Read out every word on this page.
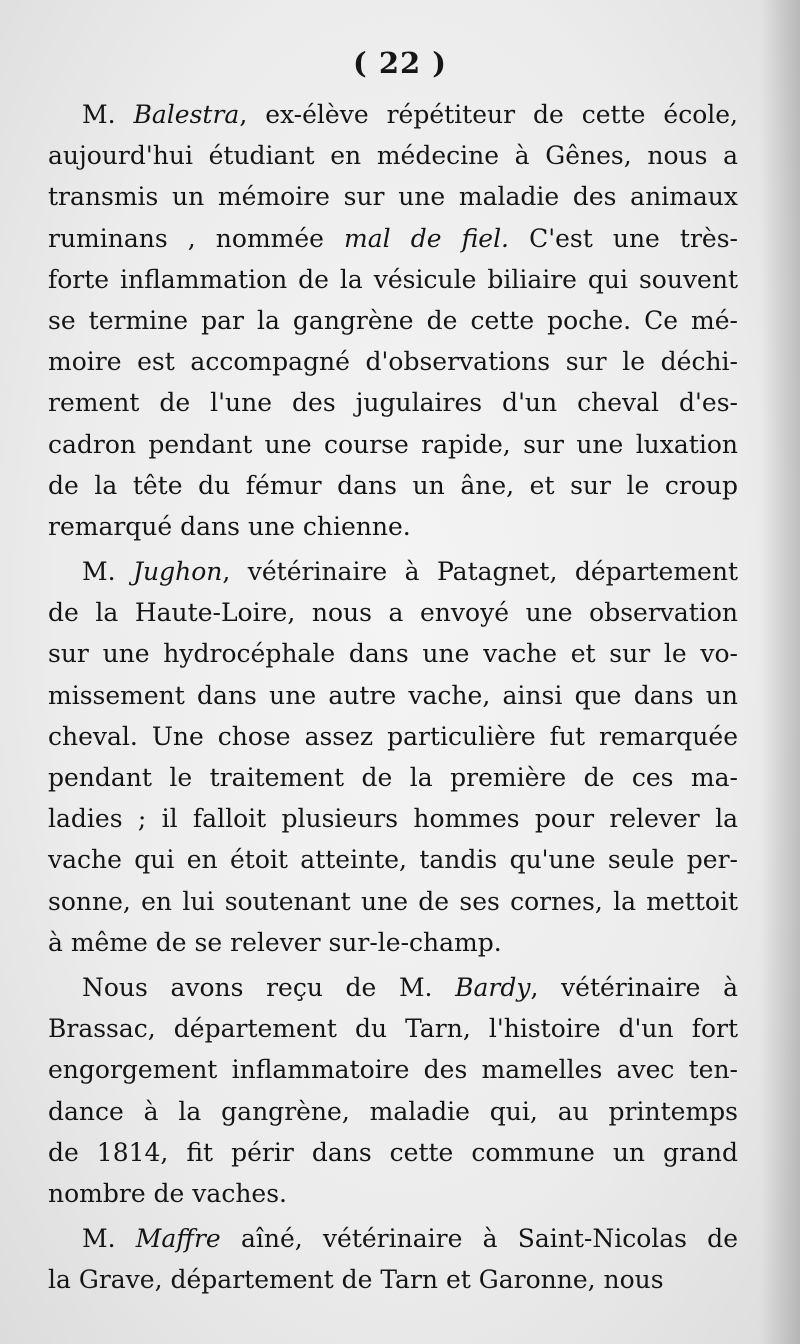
( 22 )
M. Balestra, ex-élève répétiteur de cette école,
aujourd'hui étudiant en médecine à Gênes, nous a
transmis un mémoire sur une maladie des animaux
ruminans , nommée mal de fiel. C'est une très-
forte inflammation de la vésicule biliaire qui souvent
se termine par la gangrène de cette poche. Ce mé-
moire est accompagné d'observations sur le déchi-
rement de l'une des jugulaires d'un cheval d'es-
cadron pendant une course rapide, sur une luxation
de la tête du fémur dans un âne, et sur le croup
remarqué dans une chienne.
M. Jughon, vétérinaire à Patagnet, département
de la Haute-Loire, nous a envoyé une observation
sur une hydrocéphale dans une vache et sur le vo-
missement dans une autre vache, ainsi que dans un
cheval. Une chose assez particulière fut remarquée
pendant le traitement de la première de ces ma-
ladies ; il falloit plusieurs hommes pour relever la
vache qui en étoit atteinte, tandis qu'une seule per-
sonne, en lui soutenant une de ses cornes, la mettoit
à même de se relever sur-le-champ.
Nous avons reçu de M. Bardy, vétérinaire à
Brassac, département du Tarn, l'histoire d'un fort
engorgement inflammatoire des mamelles avec ten-
dance à la gangrène, maladie qui, au printemps
de 1814, fit périr dans cette commune un grand
nombre de vaches.
M. Maffre aîné, vétérinaire à Saint-Nicolas de
la Grave, département de Tarn et Garonne, nous
